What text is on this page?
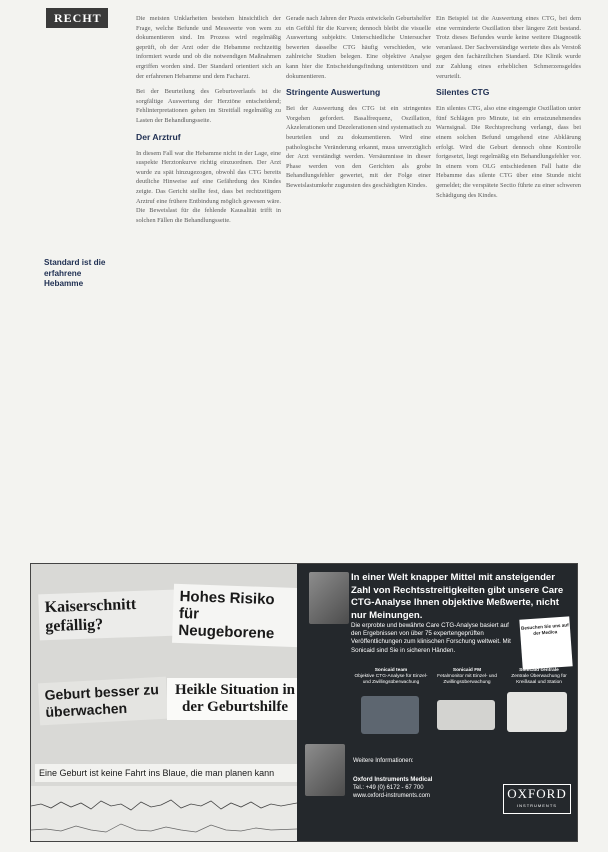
RECHT
Standard ist die erfahrene Hebamme

Die meisten Unklarheiten bestehen hinsichtlich der Frage, welche Befunde und Messwerte von wem zu dokumentieren sind. Im Prozess wird regelmäßig geprüft, ob der Arzt oder die Hebamme rechtzeitig informiert wurde und ob die notwendigen Maßnahmen ergriffen worden sind. Der Standard orientiert sich an der erfahrenen Hebamme und dem Facharzt.

Bei der Beurteilung des Geburtsverlaufs ist die sorgfältige Auswertung der Herztöne entscheidend; Fehlinterpretationen gehen im Streitfall regelmäßig zu Lasten der Behandlungsseite.

Der Arztruf

In diesem Fall war die Hebamme nicht in der Lage, eine suspekte Herztonkurve richtig einzuordnen. Der Arzt wurde zu spät hinzugezogen, obwohl das CTG bereits deutliche Hinweise auf eine Gefährdung des Kindes zeigte. Das Gericht stellte fest, dass bei rechtzeitigem Arztruf eine frühere Entbindung möglich gewesen wäre. Die Beweislast für die fehlende Kausalität trifft in solchen Fällen die Behandlungsseite.

Gerade nach Jahren der Praxis entwickeln Geburtshelfer ein Gefühl für die Kurven; dennoch bleibt die visuelle Auswertung subjektiv. Unterschiedliche Untersucher bewerten dasselbe CTG häufig verschieden, wie zahlreiche Studien belegen. Eine objektive Analyse kann hier die Entscheidungsfindung unterstützen und dokumentieren.

Stringente Auswertung

Bei der Auswertung des CTG ist ein stringentes Vorgehen gefordert. Basalfrequenz, Oszillation, Akzelerationen und Dezelerationen sind systematisch zu beurteilen und zu dokumentieren. Wird eine pathologische Veränderung erkannt, muss unverzüglich der Arzt verständigt werden. Versäumnisse in dieser Phase werden von den Gerichten als grobe Behandlungsfehler gewertet, mit der Folge einer Beweislastumkehr zugunsten des geschädigten Kindes.

Ein Beispiel ist die Auswertung eines CTG, bei dem eine verminderte Oszillation über längere Zeit bestand. Trotz dieses Befundes wurde keine weitere Diagnostik veranlasst. Der Sachverständige wertete dies als Verstoß gegen den fachärztlichen Standard. Die Klinik wurde zur Zahlung eines erheblichen Schmerzensgeldes verurteilt.

Silentes CTG

Ein silentes CTG, also eine eingeengte Oszillation unter fünf Schlägen pro Minute, ist ein ernstzunehmendes Warnsignal. Die Rechtsprechung verlangt, dass bei einem solchen Befund umgehend eine Abklärung erfolgt. Wird die Geburt dennoch ohne Kontrolle fortgesetzt, liegt regelmäßig ein Behandlungsfehler vor. In einem vom OLG entschiedenen Fall hatte die Hebamme das silente CTG über eine Stunde nicht gemeldet; die verspätete Sectio führte zu einer schweren Schädigung des Kindes.

Kaiserschnitt gefällig?
Hohes Risiko für Neugeborene
Geburt besser zu überwachen
Heikle Situation in der Geburtshilfe
Eine Geburt ist keine Fahrt ins Blaue, die man planen kann
In einer Welt knapper Mittel mit ansteigender Zahl von Rechtsstreitigkeiten gibt unsere Care CTG-Analyse Ihnen objektive Meßwerte, nicht nur Meinungen.
Die erprobte und bewährte Care CTG-Analyse basiert auf den Ergebnissen von über 75 expertengeprüften Veröffentlichungen zum klinischen Forschung weltweit. Mit Sonicaid sind Sie in sicheren Händen.
Besuchen Sie uns auf der Medica
Sonicaid team
Objektive CTG-Analyse für Einzel- und Zwillingsüberwachung
Sonicaid FM
Fetalmonitor mit Einzel- und Zwillingsüberwachung
Sonicaid centrale
Zentrale Überwachung für Kreißsaal und Station
Weitere Informationen:
Oxford Instruments Medical
Tel.: +49 (0) 6172 - 67 700
www.oxford-instruments.com	OXFORD
INSTRUMENTS
